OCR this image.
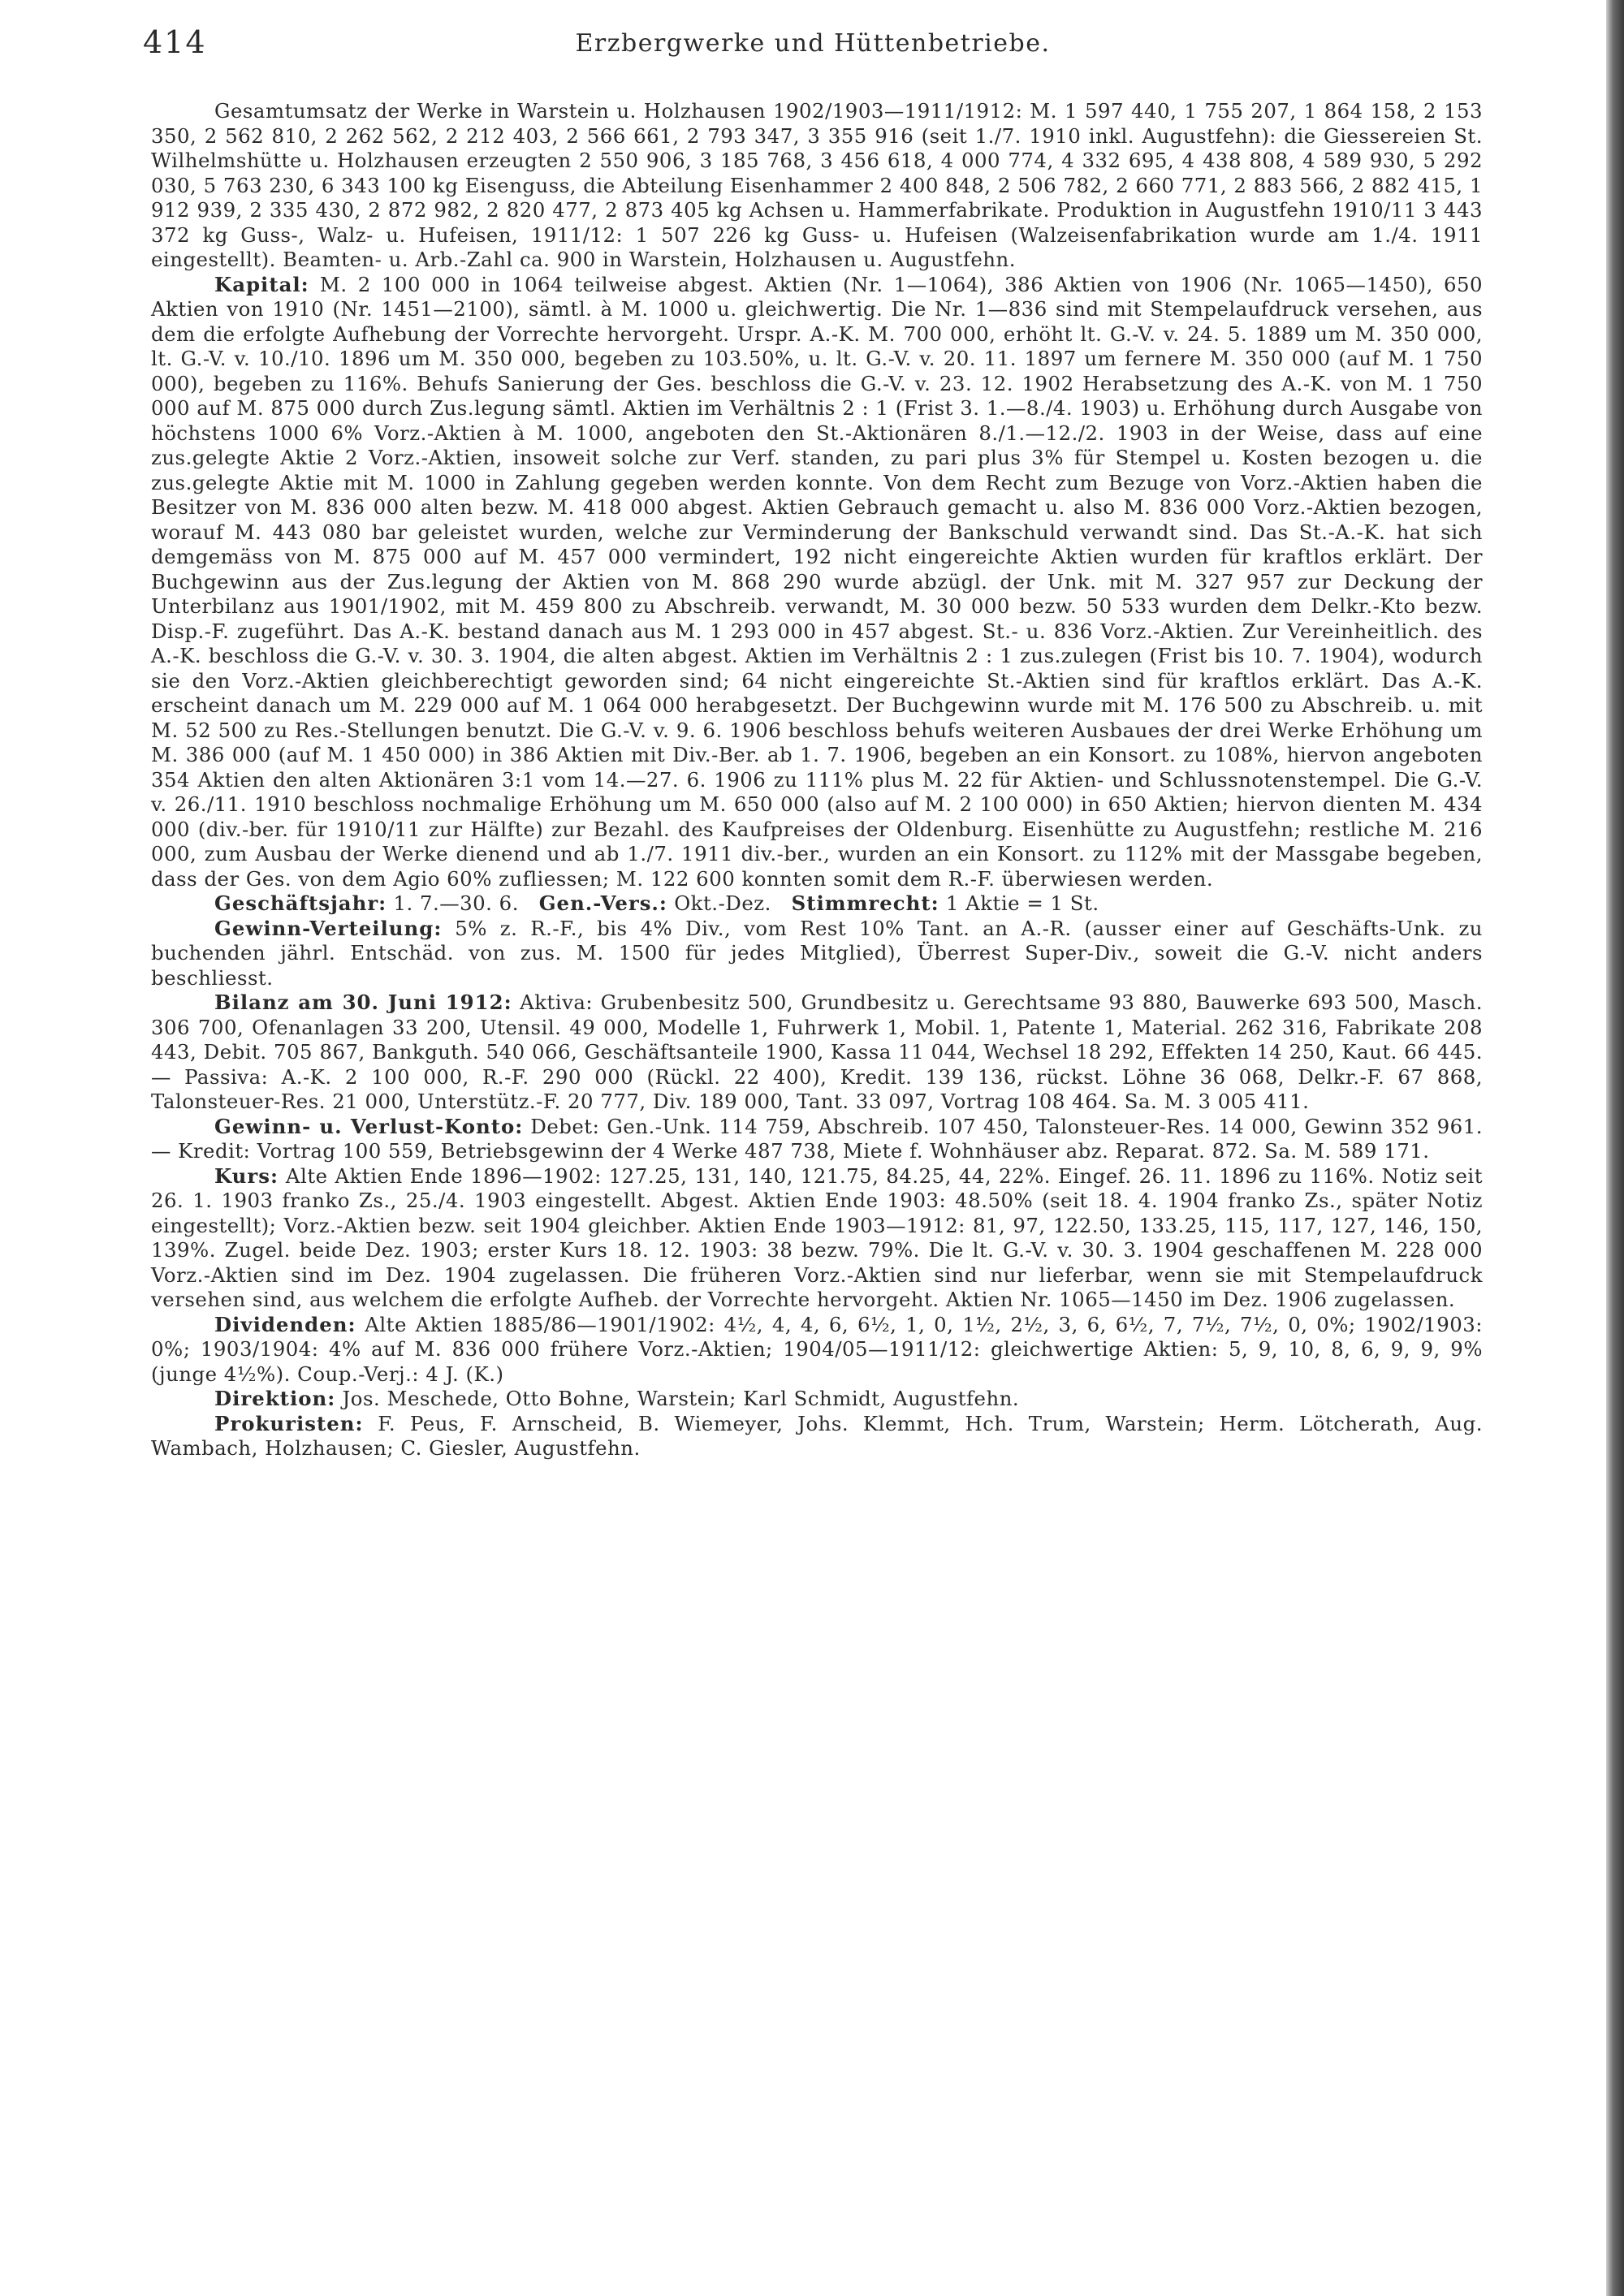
414	Erzbergwerke und Hüttenbetriebe.

Gesamtumsatz der Werke in Warstein u. Holzhausen 1902/1903—1911/1912: M. 1 597 440, 1 755 207, 1 864 158, 2 153 350, 2 562 810, 2 262 562, 2 212 403, 2 566 661, 2 793 347, 3 355 916 (seit 1./7. 1910 inkl. Augustfehn): die Giessereien St. Wilhelmshütte u. Holzhausen erzeugten 2 550 906, 3 185 768, 3 456 618, 4 000 774, 4 332 695, 4 438 808, 4 589 930, 5 292 030, 5 763 230, 6 343 100 kg Eisenguss, die Abteilung Eisenhammer 2 400 848, 2 506 782, 2 660 771, 2 883 566, 2 882 415, 1 912 939, 2 335 430, 2 872 982, 2 820 477, 2 873 405 kg Achsen u. Hammerfabrikate. Produktion in Augustfehn 1910/11 3 443 372 kg Guss-, Walz- u. Hufeisen, 1911/12: 1 507 226 kg Guss- u. Hufeisen (Walzeisenfabrikation wurde am 1./4. 1911 eingestellt). Beamten- u. Arb.-Zahl ca. 900 in Warstein, Holzhausen u. Augustfehn.

Kapital: M. 2 100 000 in 1064 teilweise abgest. Aktien (Nr. 1—1064), 386 Aktien von 1906 (Nr. 1065—1450), 650 Aktien von 1910 (Nr. 1451—2100), sämtl. à M. 1000 u. gleichwertig. Die Nr. 1—836 sind mit Stempelaufdruck versehen, aus dem die erfolgte Aufhebung der Vorrechte hervorgeht. Urspr. A.-K. M. 700 000, erhöht lt. G.-V. v. 24. 5. 1889 um M. 350 000, lt. G.-V. v. 10./10. 1896 um M. 350 000, begeben zu 103.50%, u. lt. G.-V. v. 20. 11. 1897 um fernere M. 350 000 (auf M. 1 750 000), begeben zu 116%. Behufs Sanierung der Ges. beschloss die G.-V. v. 23. 12. 1902 Herabsetzung des A.-K. von M. 1 750 000 auf M. 875 000 durch Zus.legung sämtl. Aktien im Verhältnis 2 : 1 (Frist 3. 1.—8./4. 1903) u. Erhöhung durch Ausgabe von höchstens 1000 6% Vorz.-Aktien à M. 1000, angeboten den St.-Aktionären 8./1.—12./2. 1903 in der Weise, dass auf eine zus.gelegte Aktie 2 Vorz.-Aktien, insoweit solche zur Verf. standen, zu pari plus 3% für Stempel u. Kosten bezogen u. die zus.gelegte Aktie mit M. 1000 in Zahlung gegeben werden konnte. Von dem Recht zum Bezuge von Vorz.-Aktien haben die Besitzer von M. 836 000 alten bezw. M. 418 000 abgest. Aktien Gebrauch gemacht u. also M. 836 000 Vorz.-Aktien bezogen, worauf M. 443 080 bar geleistet wurden, welche zur Verminderung der Bankschuld verwandt sind. Das St.-A.-K. hat sich demgemäss von M. 875 000 auf M. 457 000 vermindert, 192 nicht eingereichte Aktien wurden für kraftlos erklärt. Der Buchgewinn aus der Zus.legung der Aktien von M. 868 290 wurde abzügl. der Unk. mit M. 327 957 zur Deckung der Unterbilanz aus 1901/1902, mit M. 459 800 zu Abschreib. verwandt, M. 30 000 bezw. 50 533 wurden dem Delkr.-Kto bezw. Disp.-F. zugeführt. Das A.-K. bestand danach aus M. 1 293 000 in 457 abgest. St.- u. 836 Vorz.-Aktien. Zur Vereinheitlich. des A.-K. beschloss die G.-V. v. 30. 3. 1904, die alten abgest. Aktien im Verhältnis 2 : 1 zus.zulegen (Frist bis 10. 7. 1904), wodurch sie den Vorz.-Aktien gleichberechtigt geworden sind; 64 nicht eingereichte St.-Aktien sind für kraftlos erklärt. Das A.-K. erscheint danach um M. 229 000 auf M. 1 064 000 herabgesetzt. Der Buchgewinn wurde mit M. 176 500 zu Abschreib. u. mit M. 52 500 zu Res.-Stellungen benutzt. Die G.-V. v. 9. 6. 1906 beschloss behufs weiteren Ausbaues der drei Werke Erhöhung um M. 386 000 (auf M. 1 450 000) in 386 Aktien mit Div.-Ber. ab 1. 7. 1906, begeben an ein Konsort. zu 108%, hiervon angeboten 354 Aktien den alten Aktionären 3:1 vom 14.—27. 6. 1906 zu 111% plus M. 22 für Aktien- und Schlussnotenstempel. Die G.-V. v. 26./11. 1910 beschloss nochmalige Erhöhung um M. 650 000 (also auf M. 2 100 000) in 650 Aktien; hiervon dienten M. 434 000 (div.-ber. für 1910/11 zur Hälfte) zur Bezahl. des Kaufpreises der Oldenburg. Eisenhütte zu Augustfehn; restliche M. 216 000, zum Ausbau der Werke dienend und ab 1./7. 1911 div.-ber., wurden an ein Konsort. zu 112% mit der Massgabe begeben, dass der Ges. von dem Agio 60% zufliessen; M. 122 600 konnten somit dem R.-F. überwiesen werden.

Geschäftsjahr: 1. 7.—30. 6. Gen.-Vers.: Okt.-Dez. Stimmrecht: 1 Aktie = 1 St.

Gewinn-Verteilung: 5% z. R.-F., bis 4% Div., vom Rest 10% Tant. an A.-R. (ausser einer auf Geschäfts-Unk. zu buchenden jährl. Entschäd. von zus. M. 1500 für jedes Mitglied), Überrest Super-Div., soweit die G.-V. nicht anders beschliesst.

Bilanz am 30. Juni 1912: Aktiva: Grubenbesitz 500, Grundbesitz u. Gerechtsame 93 880, Bauwerke 693 500, Masch. 306 700, Ofenanlagen 33 200, Utensil. 49 000, Modelle 1, Fuhrwerk 1, Mobil. 1, Patente 1, Material. 262 316, Fabrikate 208 443, Debit. 705 867, Bankguth. 540 066, Geschäftsanteile 1900, Kassa 11 044, Wechsel 18 292, Effekten 14 250, Kaut. 66 445. — Passiva: A.-K. 2 100 000, R.-F. 290 000 (Rückl. 22 400), Kredit. 139 136, rückst. Löhne 36 068, Delkr.-F. 67 868, Talonsteuer-Res. 21 000, Unterstütz.-F. 20 777, Div. 189 000, Tant. 33 097, Vortrag 108 464. Sa. M. 3 005 411.

Gewinn- u. Verlust-Konto: Debet: Gen.-Unk. 114 759, Abschreib. 107 450, Talonsteuer-Res. 14 000, Gewinn 352 961. — Kredit: Vortrag 100 559, Betriebsgewinn der 4 Werke 487 738, Miete f. Wohnhäuser abz. Reparat. 872. Sa. M. 589 171.

Kurs: Alte Aktien Ende 1896—1902: 127.25, 131, 140, 121.75, 84.25, 44, 22%. Eingef. 26. 11. 1896 zu 116%. Notiz seit 26. 1. 1903 franko Zs., 25./4. 1903 eingestellt. Abgest. Aktien Ende 1903: 48.50% (seit 18. 4. 1904 franko Zs., später Notiz eingestellt); Vorz.-Aktien bezw. seit 1904 gleichber. Aktien Ende 1903—1912: 81, 97, 122.50, 133.25, 115, 117, 127, 146, 150, 139%. Zugel. beide Dez. 1903; erster Kurs 18. 12. 1903: 38 bezw. 79%. Die lt. G.-V. v. 30. 3. 1904 geschaffenen M. 228 000 Vorz.-Aktien sind im Dez. 1904 zugelassen. Die früheren Vorz.-Aktien sind nur lieferbar, wenn sie mit Stempelaufdruck versehen sind, aus welchem die erfolgte Aufheb. der Vorrechte hervorgeht. Aktien Nr. 1065—1450 im Dez. 1906 zugelassen.

Dividenden: Alte Aktien 1885/86—1901/1902: 4½, 4, 4, 6, 6½, 1, 0, 1½, 2½, 3, 6, 6½, 7, 7½, 7½, 0, 0%; 1902/1903: 0%; 1903/1904: 4% auf M. 836 000 frühere Vorz.-Aktien; 1904/05—1911/12: gleichwertige Aktien: 5, 9, 10, 8, 6, 9, 9, 9% (junge 4½%). Coup.-Verj.: 4 J. (K.)

Direktion: Jos. Meschede, Otto Bohne, Warstein; Karl Schmidt, Augustfehn.

Prokuristen: F. Peus, F. Arnscheid, B. Wiemeyer, Johs. Klemmt, Hch. Trum, Warstein; Herm. Lötcherath, Aug. Wambach, Holzhausen; C. Giesler, Augustfehn.
